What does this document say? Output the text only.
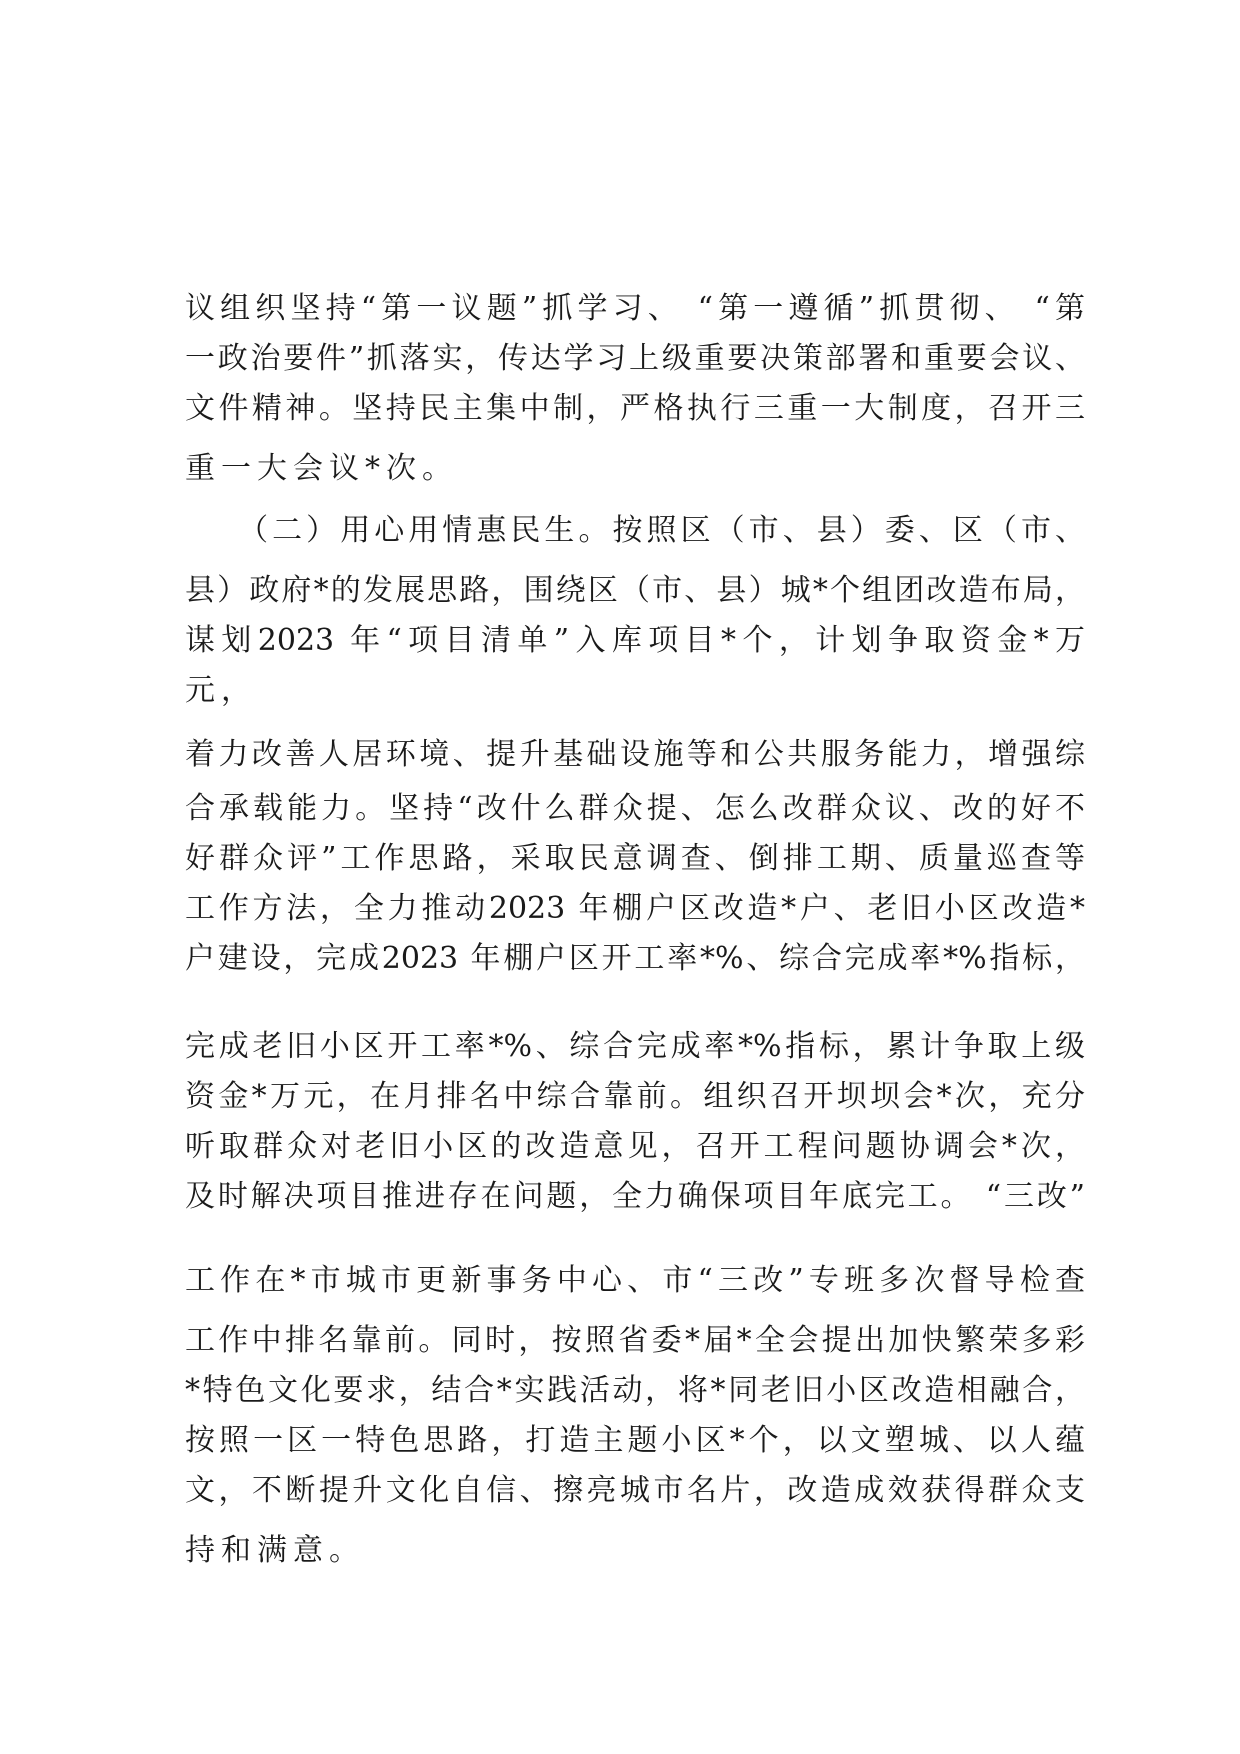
议组织坚持“第一议题”抓学习、 “第一遵循”抓贯彻、 “第
一政治要件”抓落实，传达学习上级重要决策部署和重要会议、
文件精神。坚持民主集中制，严格执行三重一大制度，召开三
重一大会议*次。
　　（二）用心用情惠民生。按照区（市、县）委、区（市、
县）政府*的发展思路，围绕区（市、县）城*个组团改造布局，
谋划2023 年“项目清单”入库项目*个，计划争取资金*万
元，
着力改善人居环境、提升基础设施等和公共服务能力，增强综
合承载能力。坚持“改什么群众提、怎么改群众议、改的好不
好群众评”工作思路，采取民意调查、倒排工期、质量巡查等
工作方法，全力推动2023 年棚户区改造*户、老旧小区改造*
户建设，完成2023 年棚户区开工率*%、综合完成率*%指标，
完成老旧小区开工率*%、综合完成率*%指标，累计争取上级
资金*万元，在月排名中综合靠前。组织召开坝坝会*次，充分
听取群众对老旧小区的改造意见，召开工程问题协调会*次，
及时解决项目推进存在问题，全力确保项目年底完工。 “三改”
工作在*市城市更新事务中心、市“三改”专班多次督导检查
工作中排名靠前。同时，按照省委*届*全会提出加快繁荣多彩
*特色文化要求，结合*实践活动，将*同老旧小区改造相融合，
按照一区一特色思路，打造主题小区*个，以文塑城、以人蕴
文，不断提升文化自信、擦亮城市名片，改造成效获得群众支
持和满意。
